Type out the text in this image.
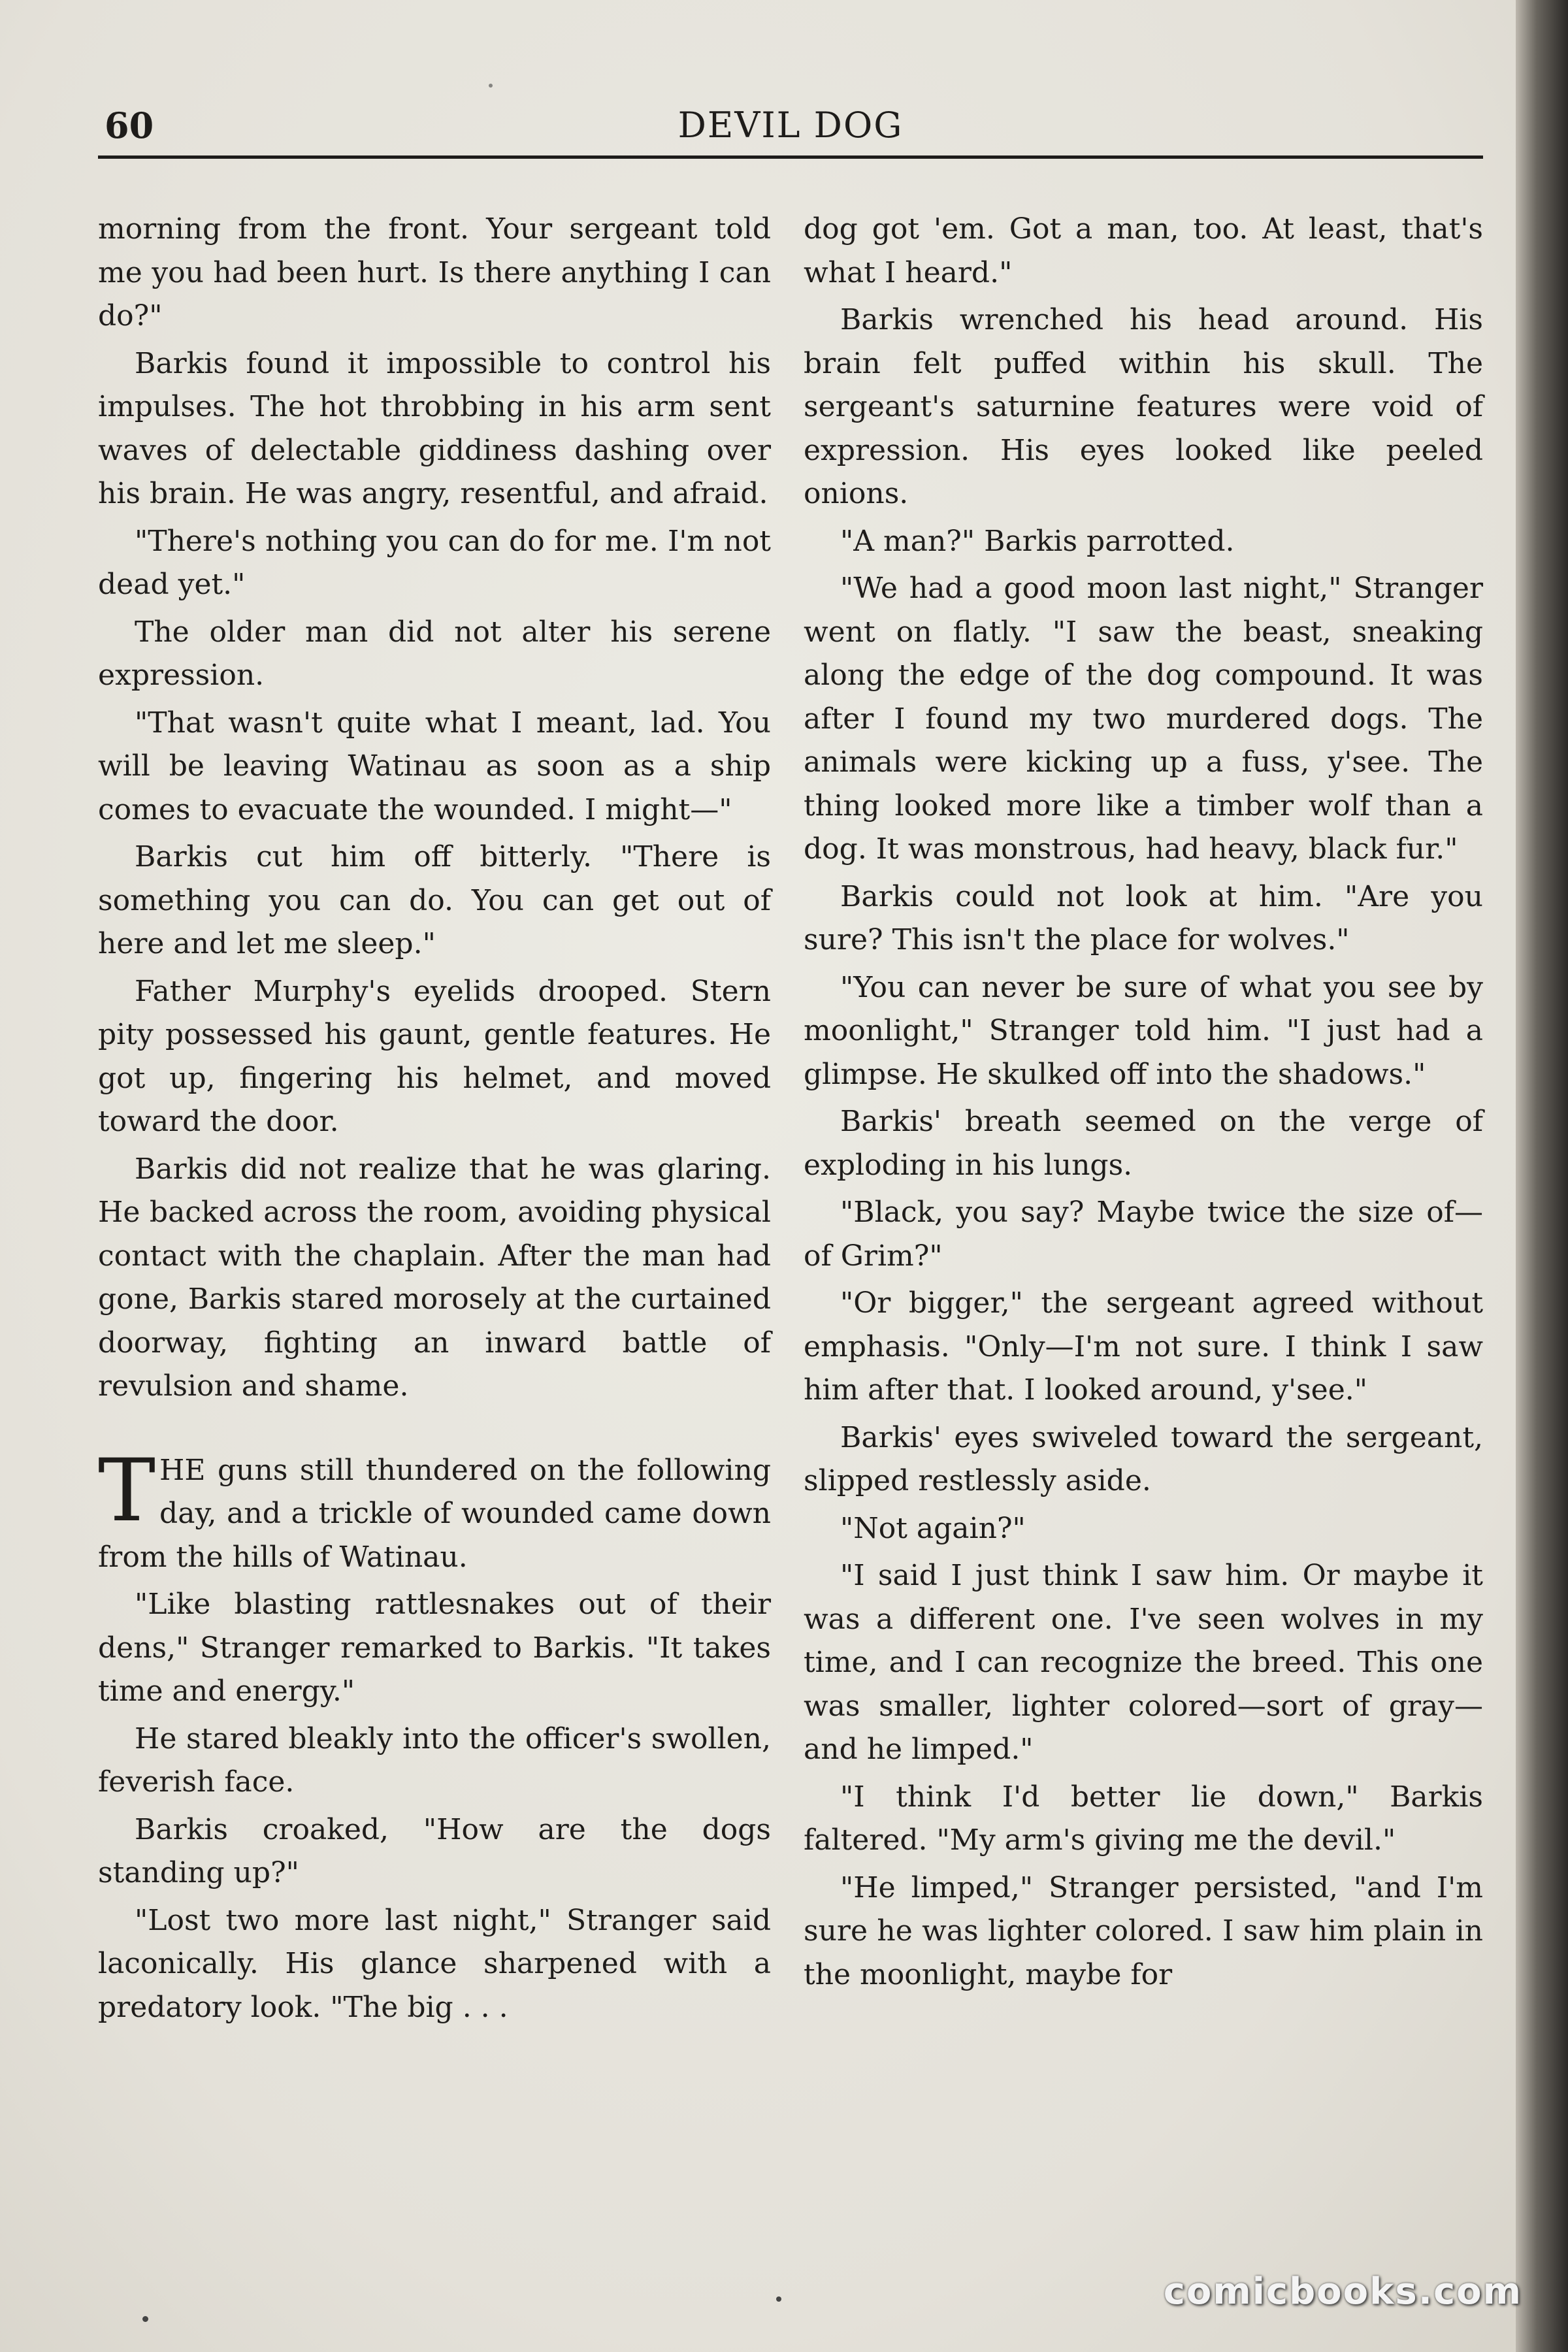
60	DEVIL DOG

morning from the front. Your sergeant told me you had been hurt. Is there anything I can do?"

Barkis found it impossible to control his impulses. The hot throbbing in his arm sent waves of delectable giddiness dashing over his brain. He was angry, resentful, and afraid.

"There's nothing you can do for me. I'm not dead yet."

The older man did not alter his serene expression.

"That wasn't quite what I meant, lad. You will be leaving Watinau as soon as a ship comes to evacuate the wounded. I might—"

Barkis cut him off bitterly. "There is something you can do. You can get out of here and let me sleep."

Father Murphy's eyelids drooped. Stern pity possessed his gaunt, gentle features. He got up, fingering his helmet, and moved toward the door.

Barkis did not realize that he was glaring. He backed across the room, avoiding physical contact with the chaplain. After the man had gone, Barkis stared morosely at the curtained doorway, fighting an inward battle of revulsion and shame.

THE guns still thundered on the following day, and a trickle of wounded came down from the hills of Watinau.

"Like blasting rattlesnakes out of their dens," Stranger remarked to Barkis. "It takes time and energy."

He stared bleakly into the officer's swollen, feverish face.

Barkis croaked, "How are the dogs standing up?"

"Lost two more last night," Stranger said laconically. His glance sharpened with a predatory look. "The big . . .

dog got 'em. Got a man, too. At least, that's what I heard."

Barkis wrenched his head around. His brain felt puffed within his skull. The sergeant's saturnine features were void of expression. His eyes looked like peeled onions.

"A man?" Barkis parrotted.

"We had a good moon last night," Stranger went on flatly. "I saw the beast, sneaking along the edge of the dog compound. It was after I found my two murdered dogs. The animals were kicking up a fuss, y'see. The thing looked more like a timber wolf than a dog. It was monstrous, had heavy, black fur."

Barkis could not look at him. "Are you sure? This isn't the place for wolves."

"You can never be sure of what you see by moonlight," Stranger told him. "I just had a glimpse. He skulked off into the shadows."

Barkis' breath seemed on the verge of exploding in his lungs.

"Black, you say? Maybe twice the size of—of Grim?"

"Or bigger," the sergeant agreed without emphasis. "Only—I'm not sure. I think I saw him after that. I looked around, y'see."

Barkis' eyes swiveled toward the sergeant, slipped restlessly aside.

"Not again?"

"I said I just think I saw him. Or maybe it was a different one. I've seen wolves in my time, and I can recognize the breed. This one was smaller, lighter colored—sort of gray—and he limped."

"I think I'd better lie down," Barkis faltered. "My arm's giving me the devil."

"He limped," Stranger persisted, "and I'm sure he was lighter colored. I saw him plain in the moonlight, maybe for

comicbooks.com
